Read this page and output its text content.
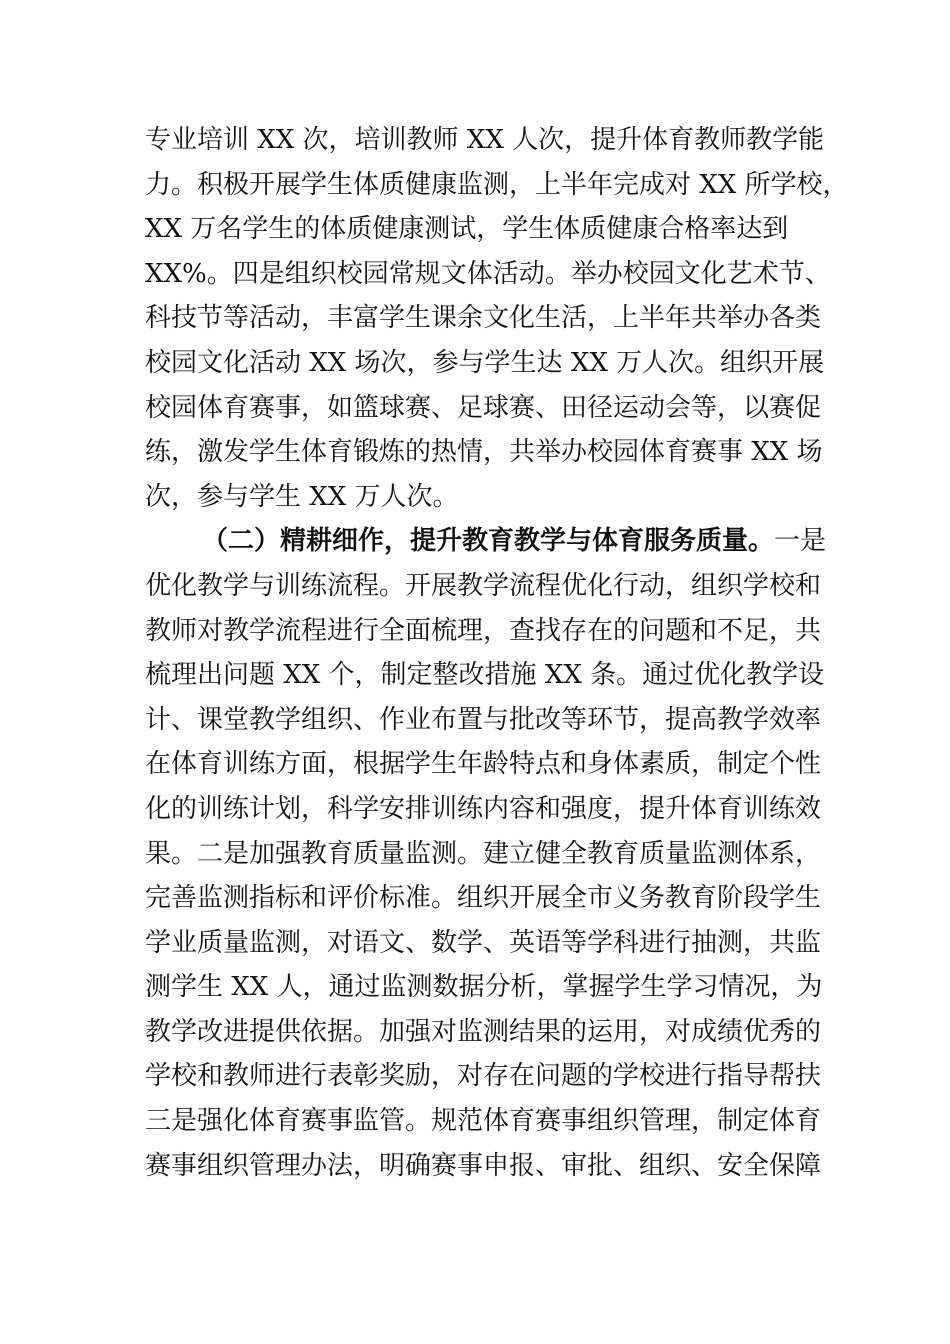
专业培训 XX 次，培训教师 XX 人次，提升体育教师教学能
力。积极开展学生体质健康监测，上半年完成对 XX 所学校，
XX 万名学生的体质健康测试，学生体质健康合格率达到
XX%。四是组织校园常规文体活动。举办校园文化艺术节、
科技节等活动，丰富学生课余文化生活，上半年共举办各类
校园文化活动 XX 场次，参与学生达 XX 万人次。组织开展
校园体育赛事，如篮球赛、足球赛、田径运动会等，以赛促
练，激发学生体育锻炼的热情，共举办校园体育赛事 XX 场
次，参与学生 XX 万人次。
（二）精耕细作，提升教育教学与体育服务质量。一是
优化教学与训练流程。开展教学流程优化行动，组织学校和
教师对教学流程进行全面梳理，查找存在的问题和不足，共
梳理出问题 XX 个，制定整改措施 XX 条。通过优化教学设
计、课堂教学组织、作业布置与批改等环节，提高教学效率
在体育训练方面，根据学生年龄特点和身体素质，制定个性
化的训练计划，科学安排训练内容和强度，提升体育训练效
果。二是加强教育质量监测。建立健全教育质量监测体系，
完善监测指标和评价标准。组织开展全市义务教育阶段学生
学业质量监测，对语文、数学、英语等学科进行抽测，共监
测学生 XX 人，通过监测数据分析，掌握学生学习情况，为
教学改进提供依据。加强对监测结果的运用，对成绩优秀的
学校和教师进行表彰奖励，对存在问题的学校进行指导帮扶
三是强化体育赛事监管。规范体育赛事组织管理，制定体育
赛事组织管理办法，明确赛事申报、审批、组织、安全保障
